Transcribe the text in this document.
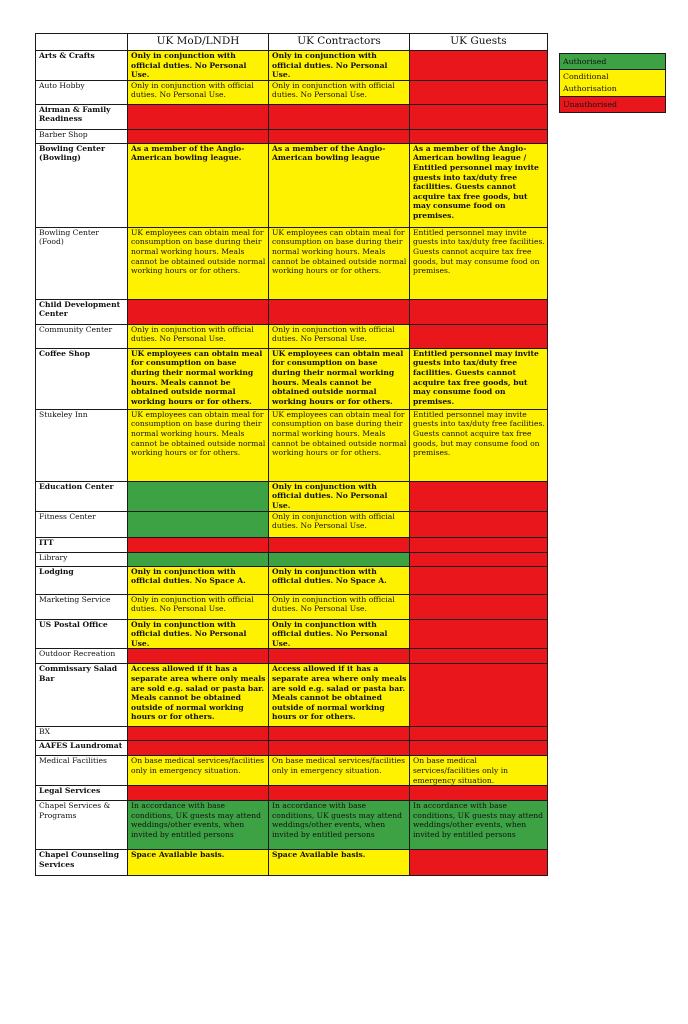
	UK MoD/LNDH	UK Contractors	UK Guests
Arts & Crafts	Only in conjunction with official duties. No Personal Use.	Only in conjunction with official duties. No Personal Use.	
Auto Hobby	Only in conjunction with official duties. No Personal Use.	Only in conjunction with official duties. No Personal Use.	
Airman & Family Readiness			
Barber Shop			
Bowling Center (Bowling)	As a member of the Anglo-American bowling league.	As a member of the Anglo-American bowling league	As a member of the Anglo-American bowling league / Entitled personnel may invite guests into tax/duty free facilities. Guests cannot acquire tax free goods, but may consume food on premises.
Bowling Center (Food)	UK employees can obtain meal for consumption on base during their normal working hours. Meals cannot be obtained outside normal working hours or for others.	UK employees can obtain meal for consumption on base during their normal working hours. Meals cannot be obtained outside normal working hours or for others.	Entitled personnel may invite guests into tax/duty free facilities. Guests cannot acquire tax free goods, but may consume food on premises.
Child Development Center			
Community Center	Only in conjunction with official duties. No Personal Use.	Only in conjunction with official duties. No Personal Use.	
Coffee Shop	UK employees can obtain meal for consumption on base during their normal working hours. Meals cannot be obtained outside normal working hours or for others.	UK employees can obtain meal for consumption on base during their normal working hours. Meals cannot be obtained outside normal working hours or for others.	Entitled personnel may invite guests into tax/duty free facilities. Guests cannot acquire tax free goods, but may consume food on premises.
Stukeley Inn	UK employees can obtain meal for consumption on base during their normal working hours. Meals cannot be obtained outside normal working hours or for others.	UK employees can obtain meal for consumption on base during their normal working hours. Meals cannot be obtained outside normal working hours or for others.	Entitled personnel may invite guests into tax/duty free facilities. Guests cannot acquire tax free goods, but may consume food on premises.
Education Center		Only in conjunction with official duties. No Personal Use.	
Fitness Center		Only in conjunction with official duties. No Personal Use.	
ITT			
Library			
Lodging	Only in conjunction with official duties. No Space A.	Only in conjunction with official duties. No Space A.	
Marketing Service	Only in conjunction with official duties. No Personal Use.	Only in conjunction with official duties. No Personal Use.	
US Postal Office	Only in conjunction with official duties. No Personal Use.	Only in conjunction with official duties. No Personal Use.	
Outdoor Recreation			
Commissary Salad Bar	Access allowed if it has a separate area where only meals are sold e.g. salad or pasta bar. Meals cannot be obtained outside of normal working hours or for others.	Access allowed if it has a separate area where only meals are sold e.g. salad or pasta bar. Meals cannot be obtained outside of normal working hours or for others.	
BX			
AAFES Laundromat			
Medical Facilities	On base medical services/facilities only in emergency situation.	On base medical services/facilities only in emergency situation.	On base medical services/facilities only in emergency situation.
Legal Services			
Chapel Services & Programs	In accordance with base conditions, UK guests may attend weddings/other events, when invited by entitled persons	In accordance with base conditions, UK guests may attend weddings/other events, when invited by entitled persons	In accordance with base conditions, UK guests may attend weddings/other events, when invited by entitled persons
Chapel Counseling Services	Space Available basis.	Space Available basis.	
Authorised
Conditional Authorisation
Unauthorised
